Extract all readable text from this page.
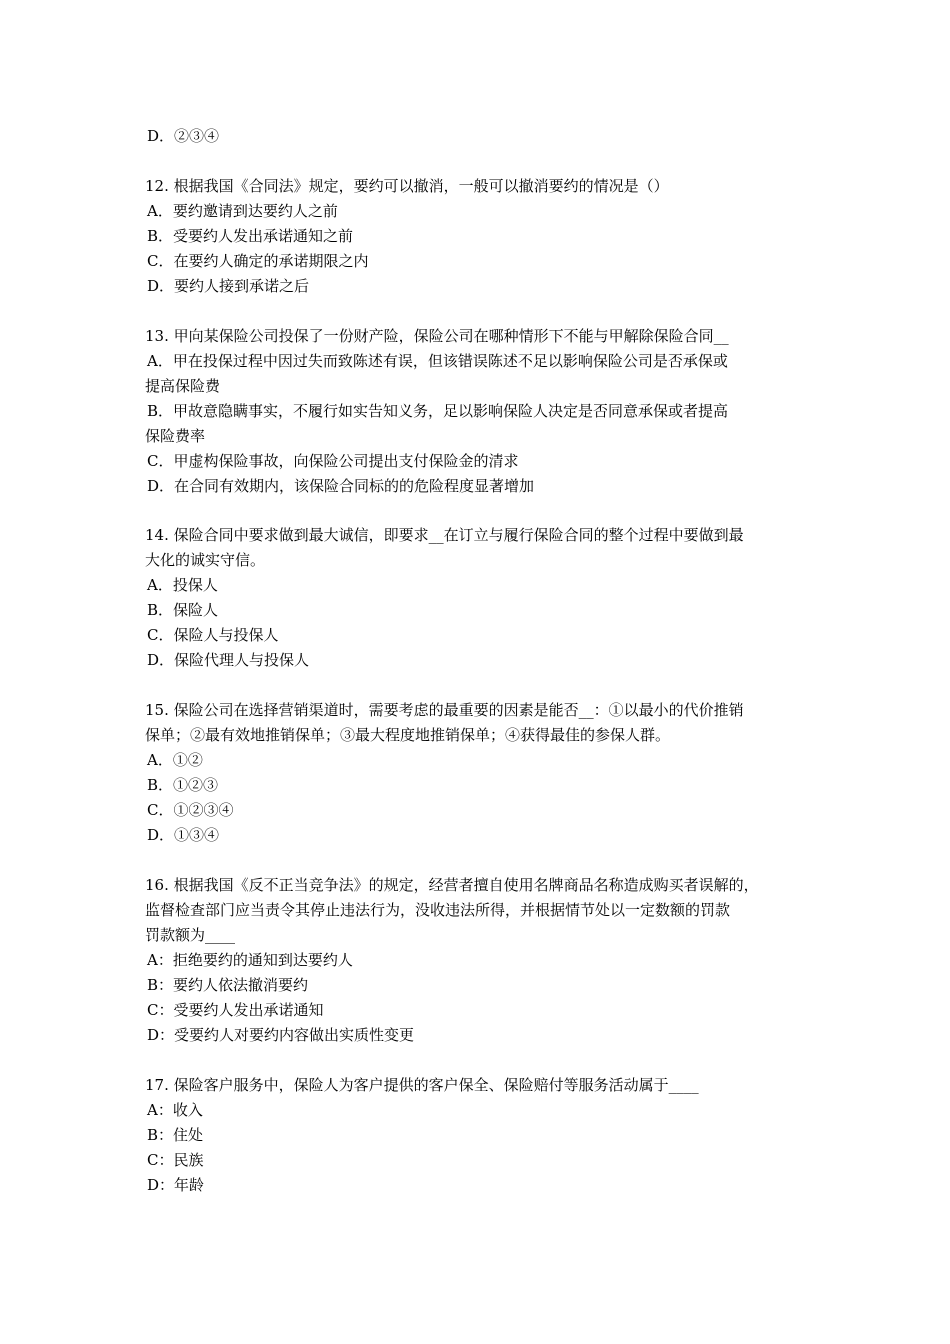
D．②③④
12. 根据我国《合同法》规定，要约可以撤消，一般可以撤消要约的情况是（）
A．要约邀请到达要约人之前
B．受要约人发出承诺通知之前
C．在要约人确定的承诺期限之内
D．要约人接到承诺之后
13. 甲向某保险公司投保了一份财产险，保险公司在哪种情形下不能与甲解除保险合同__
A．甲在投保过程中因过失而致陈述有误，但该错误陈述不足以影响保险公司是否承保或
提高保险费
B．甲故意隐瞒事实，不履行如实告知义务，足以影响保险人决定是否同意承保或者提高
保险费率
C．甲虚构保险事故，向保险公司提出支付保险金的清求
D．在合同有效期内，该保险合同标的的危险程度显著增加
14. 保险合同中要求做到最大诚信，即要求__在订立与履行保险合同的整个过程中要做到最
大化的诚实守信。
A．投保人
B．保险人
C．保险人与投保人
D．保险代理人与投保人
15. 保险公司在选择营销渠道时，需要考虑的最重要的因素是能否__：①以最小的代价推销
保单；②最有效地推销保单；③最大程度地推销保单；④获得最佳的参保人群。
A．①②
B．①②③
C．①②③④
D．①③④
16. 根据我国《反不正当竞争法》的规定，经营者擅自使用名牌商品名称造成购买者误解的，
监督检查部门应当责令其停止违法行为，没收违法所得，并根据情节处以一定数额的罚款
罚款额为____
A：拒绝要约的通知到达要约人
B：要约人依法撤消要约
C：受要约人发出承诺通知
D：受要约人对要约内容做出实质性变更
17. 保险客户服务中，保险人为客户提供的客户保全、保险赔付等服务活动属于____
A：收入
B：住处
C：民族
D：年龄
